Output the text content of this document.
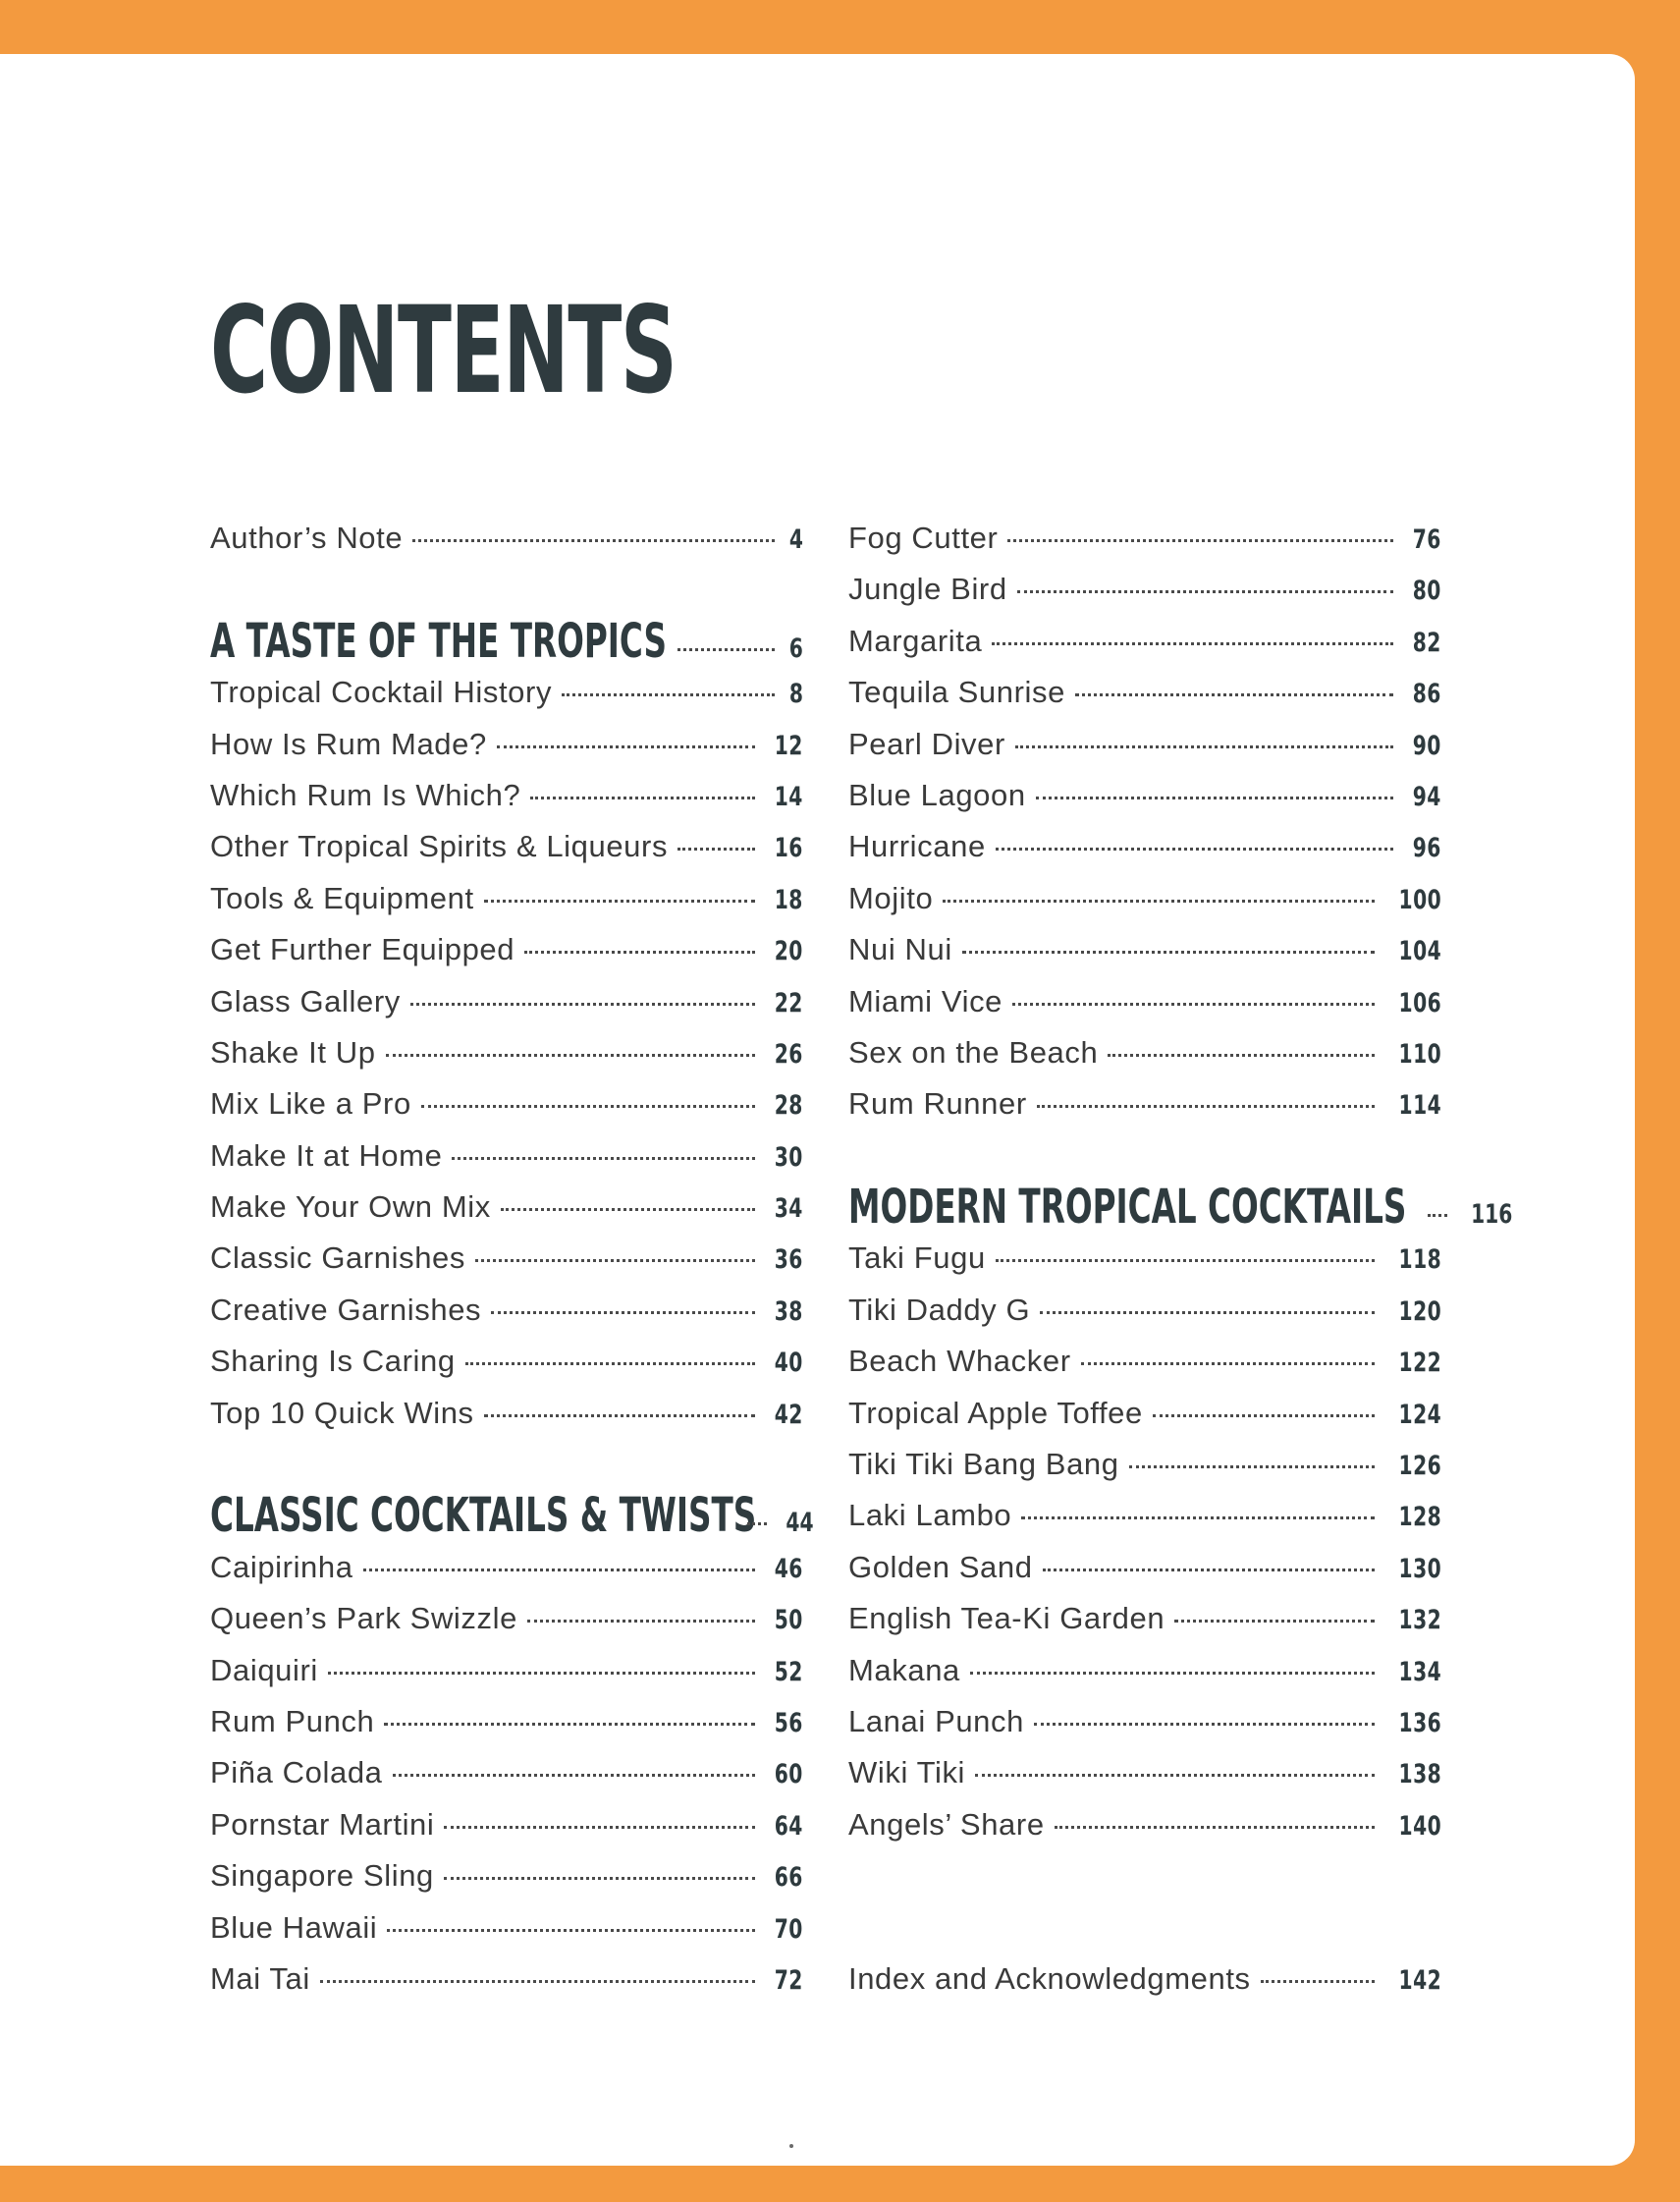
CONTENTS
Author’s Note	4
A TASTE OF THE TROPICS	6
Tropical Cocktail History	8
How Is Rum Made?	12
Which Rum Is Which?	14
Other Tropical Spirits & Liqueurs	16
Tools & Equipment	18
Get Further Equipped	20
Glass Gallery	22
Shake It Up	26
Mix Like a Pro	28
Make It at Home	30
Make Your Own Mix	34
Classic Garnishes	36
Creative Garnishes	38
Sharing Is Caring	40
Top 10 Quick Wins	42
CLASSIC COCKTAILS & TWISTS 44
Caipirinha	46
Queen’s Park Swizzle	50
Daiquiri	52
Rum Punch	56
Piña Colada	60
Pornstar Martini	64
Singapore Sling	66
Blue Hawaii	70
Mai Tai	72
Fog Cutter	76
Jungle Bird	80
Margarita	82
Tequila Sunrise	86
Pearl Diver	90
Blue Lagoon	94
Hurricane	96
Mojito	100
Nui Nui	104
Miami Vice	106
Sex on the Beach	110
Rum Runner	114
MODERN TROPICAL COCKTAILS 116
Taki Fugu	118
Tiki Daddy G	120
Beach Whacker	122
Tropical Apple Toffee	124
Tiki Tiki Bang Bang	126
Laki Lambo	128
Golden Sand	130
English Tea-Ki Garden	132
Makana	134
Lanai Punch	136
Wiki Tiki	138
Angels’ Share	140
Index and Acknowledgments	142
